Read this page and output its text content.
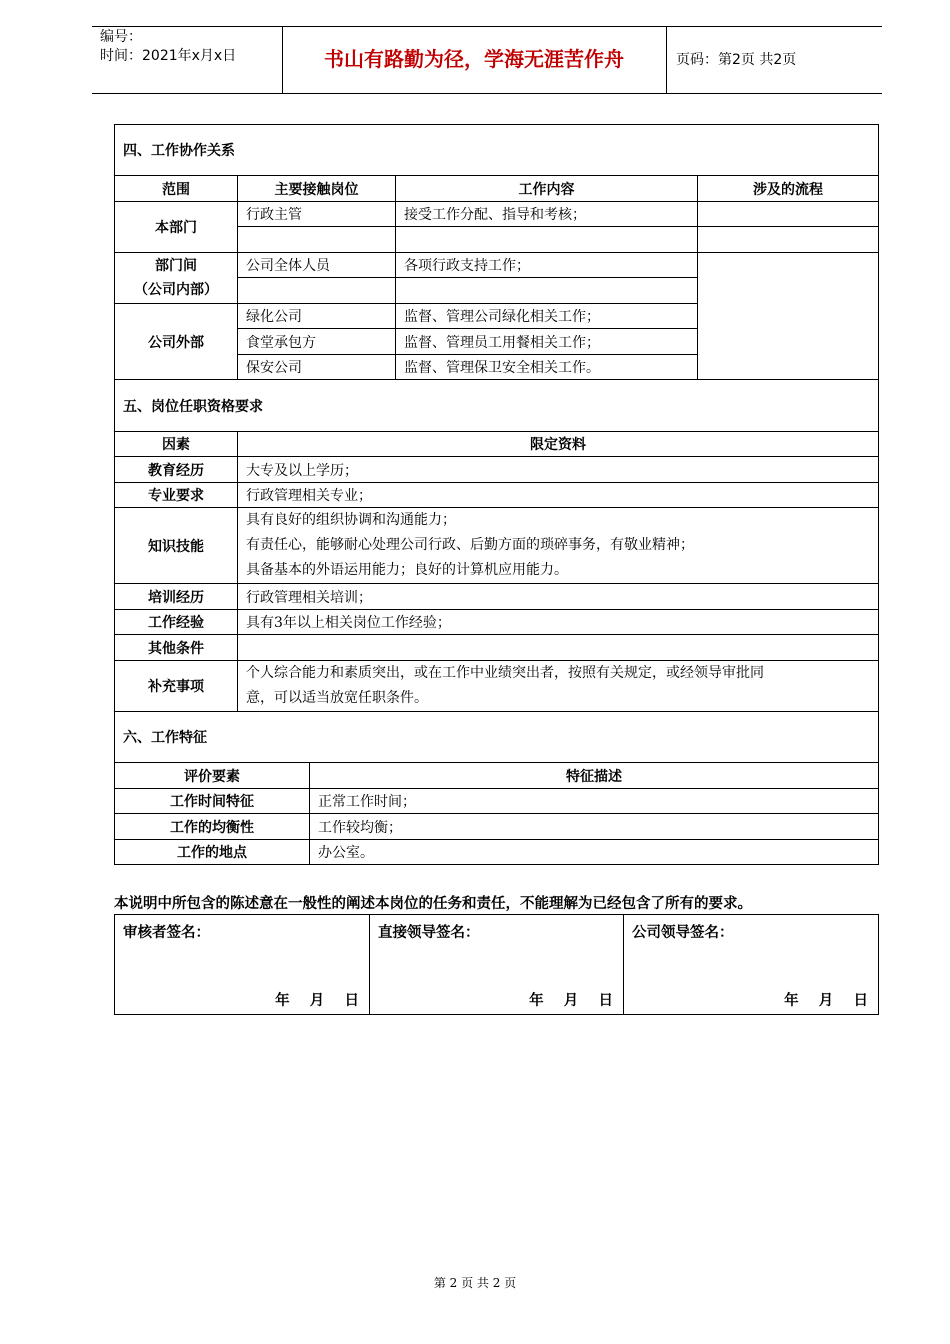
编号：
时间：2021年x月x日	书山有路勤为径，学海无涯苦作舟	页码：第2页 共2页
四、工作协作关系			
范围	主要接触岗位	工作内容	涉及的流程
本部门	行政主管	接受工作分配、指导和考核；	

部门间
（公司内部）	公司全体人员	各项行政支持工作；	

公司外部	绿化公司	监督、管理公司绿化相关工作；	
	食堂承包方	监督、管理员工用餐相关工作；	
	保安公司	监督、管理保卫安全相关工作。	
五、岗位任职资格要求			
因素	限定资料		
教育经历	大专及以上学历；		
专业要求	行政管理相关专业；		
知识技能	具有良好的组织协调和沟通能力；
有责任心，能够耐心处理公司行政、后勤方面的琐碎事务，有敬业精神；
具备基本的外语运用能力；良好的计算机应用能力。		

培训经历	行政管理相关培训；		
工作经验	具有3年以上相关岗位工作经验；		
其他条件			
补充事项	个人综合能力和素质突出，或在工作中业绩突出者，按照有关规定，或经领导审批同
意，可以适当放宽任职条件。		
六、工作特征	
评价要素	特征描述
工作时间特征	正常工作时间；
工作的均衡性	工作较均衡；
工作的地点	办公室。
本说明中所包含的陈述意在一般性的阐述本岗位的任务和责任，不能理解为已经包含了所有的要求。
审核者签名：
年    月    日

直接领导签名：
年    月    日

公司领导签名：
年    月    日
第 2 页 共 2 页
